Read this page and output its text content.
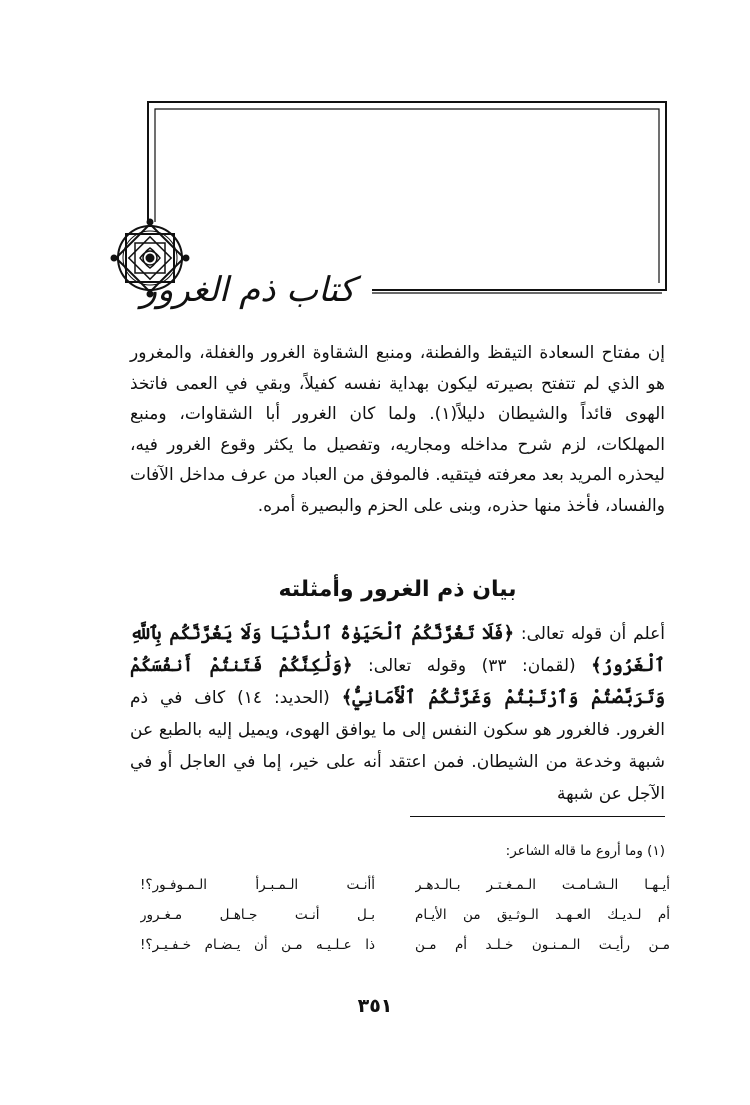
كتاب ذم الغرور

إن مفتاح السعادة التيقظ والفطنة، ومنبع الشقاوة الغرور والغفلة، والمغرور هو الذي لم تتفتح بصيرته ليكون بهداية نفسه كفيلاً، وبقي في العمى فاتخذ الهوى قائداً والشيطان دليلاً(١). ولما كان الغرور أبا الشقاوات، ومنبع المهلكات، لزم شرح مداخله ومجاريه، وتفصيل ما يكثر وقوع الغرور فيه، ليحذره المريد بعد معرفته فيتقيه. فالموفق من العباد من عرف مداخل الآفات والفساد، فأخذ منها حذره، وبنى على الحزم والبصيرة أمره.

بيان ذم الغرور وأمثلته

أعلم أن قوله تعالى: ﴿فَلَا تَغُرَّنَّكُمُ ٱلْحَيَوٰةُ ٱلدُّنْيَا وَلَا يَغُرَّنَّكُم بِٱللَّهِ ٱلْغَرُورُ﴾ (لقمان: ٣٣) وقوله تعالى: ﴿وَلَٰكِنَّكُمْ فَتَنتُمْ أَنفُسَكُمْ وَتَرَبَّصْتُمْ وَٱرْتَبْتُمْ وَغَرَّتْكُمُ ٱلْأَمَانِيُّ﴾ (الحديد: ١٤) كاف في ذم الغرور. فالغرور هو سكون النفس إلى ما يوافق الهوى، ويميل إليه بالطبع عن شبهة وخدعة من الشيطان. فمن اعتقد أنه على خير، إما في العاجل أو في الآجل عن شبهة

(١) وما أروع ما قاله الشاعر:
أيـهـا الـشـامـت الـمـغـتـر بـالـدهـر
أأنـت الـمـبـرأ الـمـوفـور؟!
أم لـديـك العـهـد الـوثـيق من الأيـام
بـل أنـت جـاهـل مـغـرور
مـن رأيـت الـمـنـون خـلـد أم مـن
ذا عـلـيـه مـن أن يـضـام خـفـيـر؟!
٣٥١
